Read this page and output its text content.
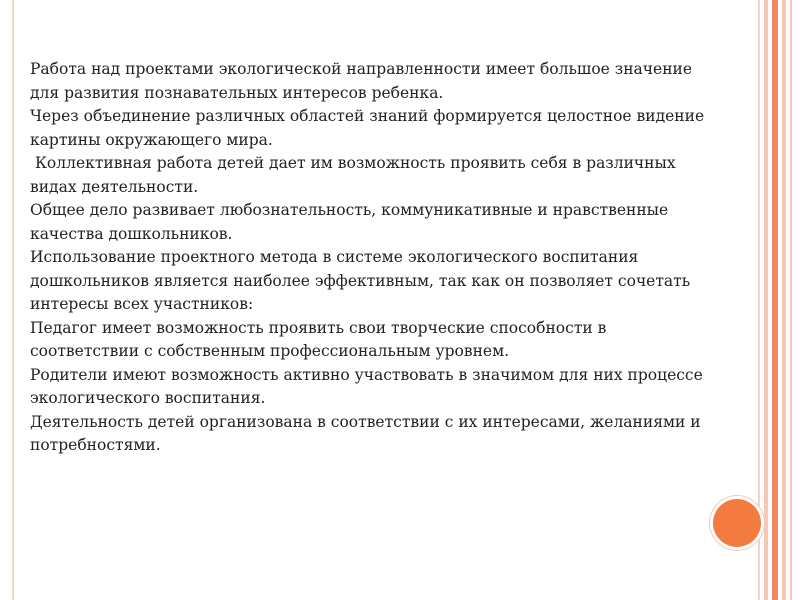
Работа над проектами экологической направленности имеет большое значение для развития познавательных интересов ребенка.

Через объединение различных областей знаний формируется целостное видение картины окружающего мира.

Коллективная работа детей дает им возможность проявить себя в различных видах деятельности.

Общее дело развивает любознательность, коммуникативные и нравственные качества дошкольников.

Использование проектного метода в системе экологического воспитания дошкольников является наиболее эффективным, так как он позволяет сочетать интересы всех участников:

Педагог имеет возможность проявить свои творческие способности в соответствии с собственным профессиональным уровнем.

Родители имеют возможность активно участвовать в значимом для них процессе экологического воспитания.

Деятельность детей организована в соответствии с их интересами, желаниями и потребностями.
